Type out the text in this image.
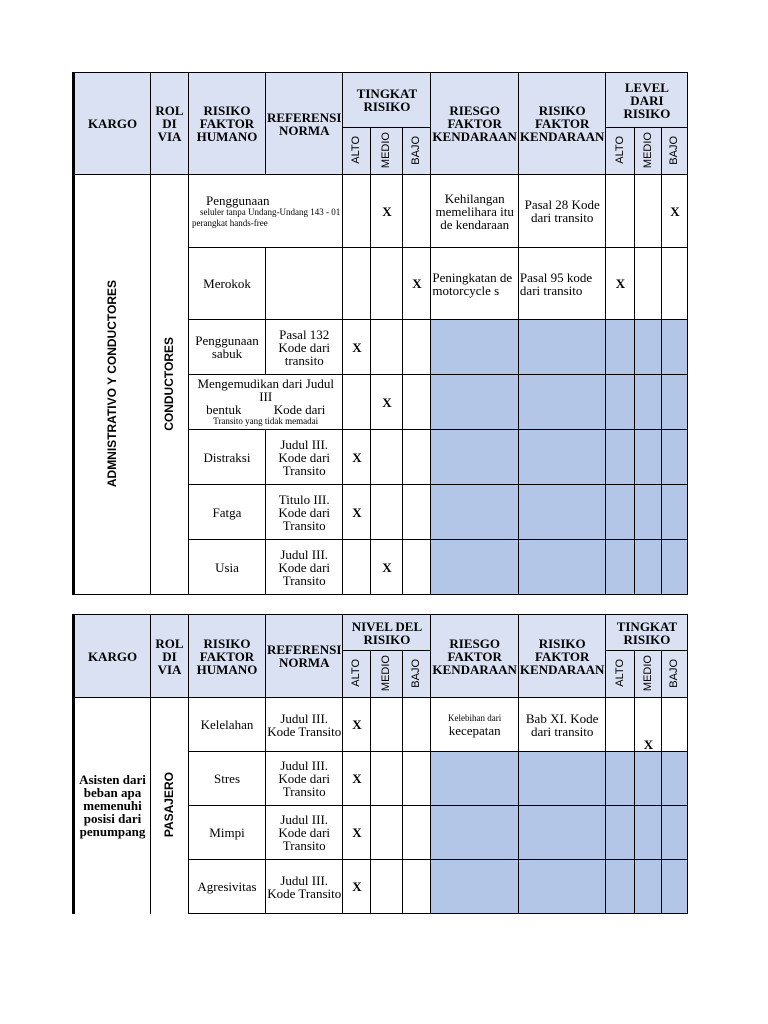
KARGO	ROL DI VIA	RISIKO FAKTOR HUMANO	REFERENSI NORMA	TINGKAT RISIKO			RIESGO FAKTOR KENDARAAN	RISIKO FAKTOR KENDARAAN	LEVEL DARI RISIKO		
				ALTO	MEDIO	BAJO			ALTO	MEDIO	BAJO
ADMNISTRATIVO Y CONDUCTORES	CONDUCTORES	Penggunaan
seluler tanpa Undang-Undang 143 - 01
perangkat hands-free			X		Kehilangan memelihara itu de kendaraan	Pasal 28 Kode dari transito			X
		Merokok				X	Peningkatan de motorcycle s	Pasal 95 kode dari transito	X		
		Penggunaan sabuk	Pasal 132 Kode dari transito	X							

		Mengemudikan dari Judul III
bentuk Kode dari
Transito yang tidak memadai			X						
		Distraksi	Judul III. Kode dari Transito	X							
		Fatga	Titulo III. Kode dari Transito	X							
		Usia	Judul III. Kode dari Transito		X						
KARGO	ROL DI VIA	RISIKO FAKTOR HUMANO	REFERENSI NORMA	NIVEL DEL RISIKO			RIESGO FAKTOR KENDARAAN	RISIKO FAKTOR KENDARAAN	TINGKAT RISIKO		
				ALTO	MEDIO	BAJO			ALTO	MEDIO	BAJO
Asisten dari beban apa memenuhi posisi dari penumpang	PASAJERO	Kelelahan	Judul III. Kode Transito	X			Kelebihan dari
kecepatan	Bab XI. Kode dari transito		X	
		Stres	Judul III. Kode dari Transito	X							
		Mimpi	Judul III. Kode dari Transito	X							
		Agresivitas	Judul III. Kode Transito	X							
